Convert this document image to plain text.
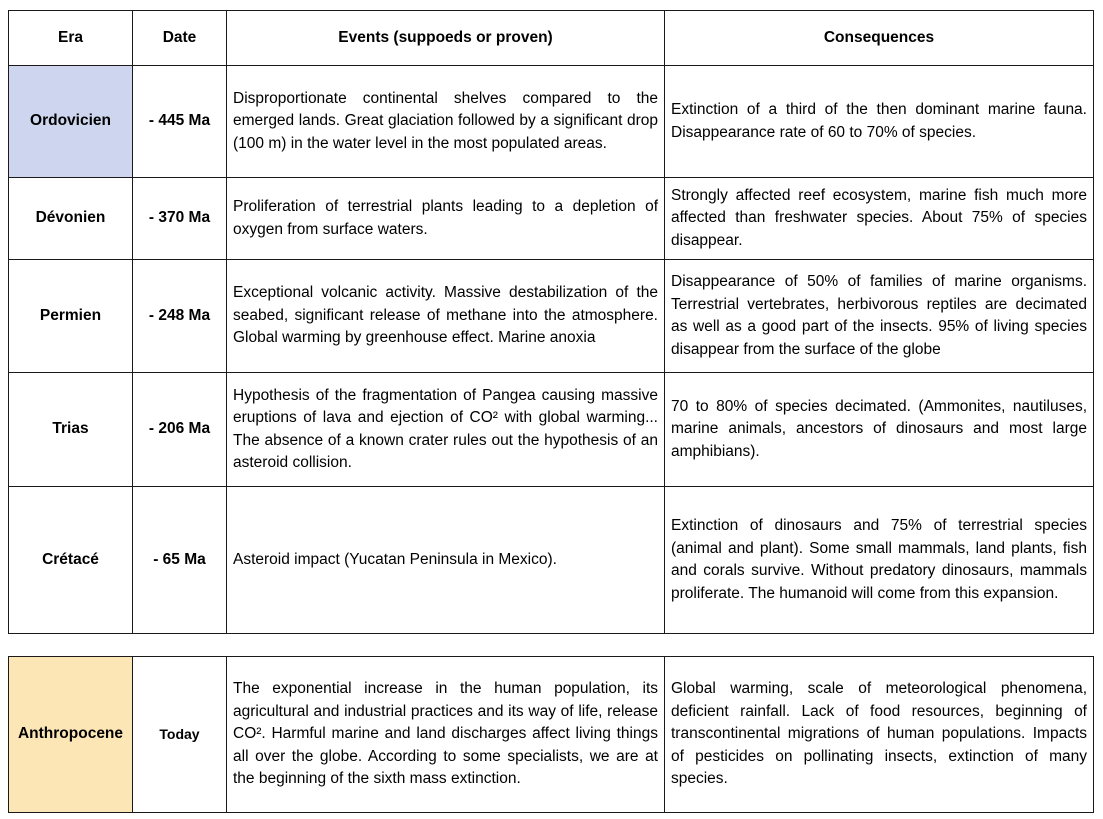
Era	Date	Events (suppoeds or proven)	Consequences
Ordovicien	- 445 Ma	Disproportionate continental shelves compared to the emerged lands. Great glaciation followed by a significant drop (100 m) in the water level in the most populated areas.	Extinction of a third of the then dominant marine fauna. Disappearance rate of 60 to 70% of species.
Dévonien	- 370 Ma	Proliferation of terrestrial plants leading to a depletion of oxygen from surface waters.	Strongly affected reef ecosystem, marine fish much more affected than freshwater species. About 75% of species disappear.
Permien	- 248 Ma	Exceptional volcanic activity. Massive destabilization of the seabed, significant release of methane into the atmosphere. Global warming by greenhouse effect. Marine anoxia	Disappearance of 50% of families of marine organisms. Terrestrial vertebrates, herbivorous reptiles are decimated as well as a good part of the insects. 95% of living species disappear from the surface of the globe
Trias	- 206 Ma	Hypothesis of the fragmentation of Pangea causing massive eruptions of lava and ejection of CO² with global warming... The absence of a known crater rules out the hypothesis of an asteroid collision.	70 to 80% of species decimated. (Ammonites, nautiluses, marine animals, ancestors of dinosaurs and most large amphibians).
Crétacé	- 65 Ma	Asteroid impact (Yucatan Peninsula in Mexico).	Extinction of dinosaurs and 75% of terrestrial species (animal and plant). Some small mammals, land plants, fish and corals survive. Without predatory dinosaurs, mammals proliferate. The humanoid will come from this expansion.
Anthropocene	Today	The exponential increase in the human population, its agricultural and industrial practices and its way of life, release CO². Harmful marine and land discharges affect living things all over the globe. According to some specialists, we are at the beginning of the sixth mass extinction.	Global warming, scale of meteorological phenomena, deficient rainfall. Lack of food resources, beginning of transcontinental migrations of human populations. Impacts of pesticides on pollinating insects, extinction of many species.
